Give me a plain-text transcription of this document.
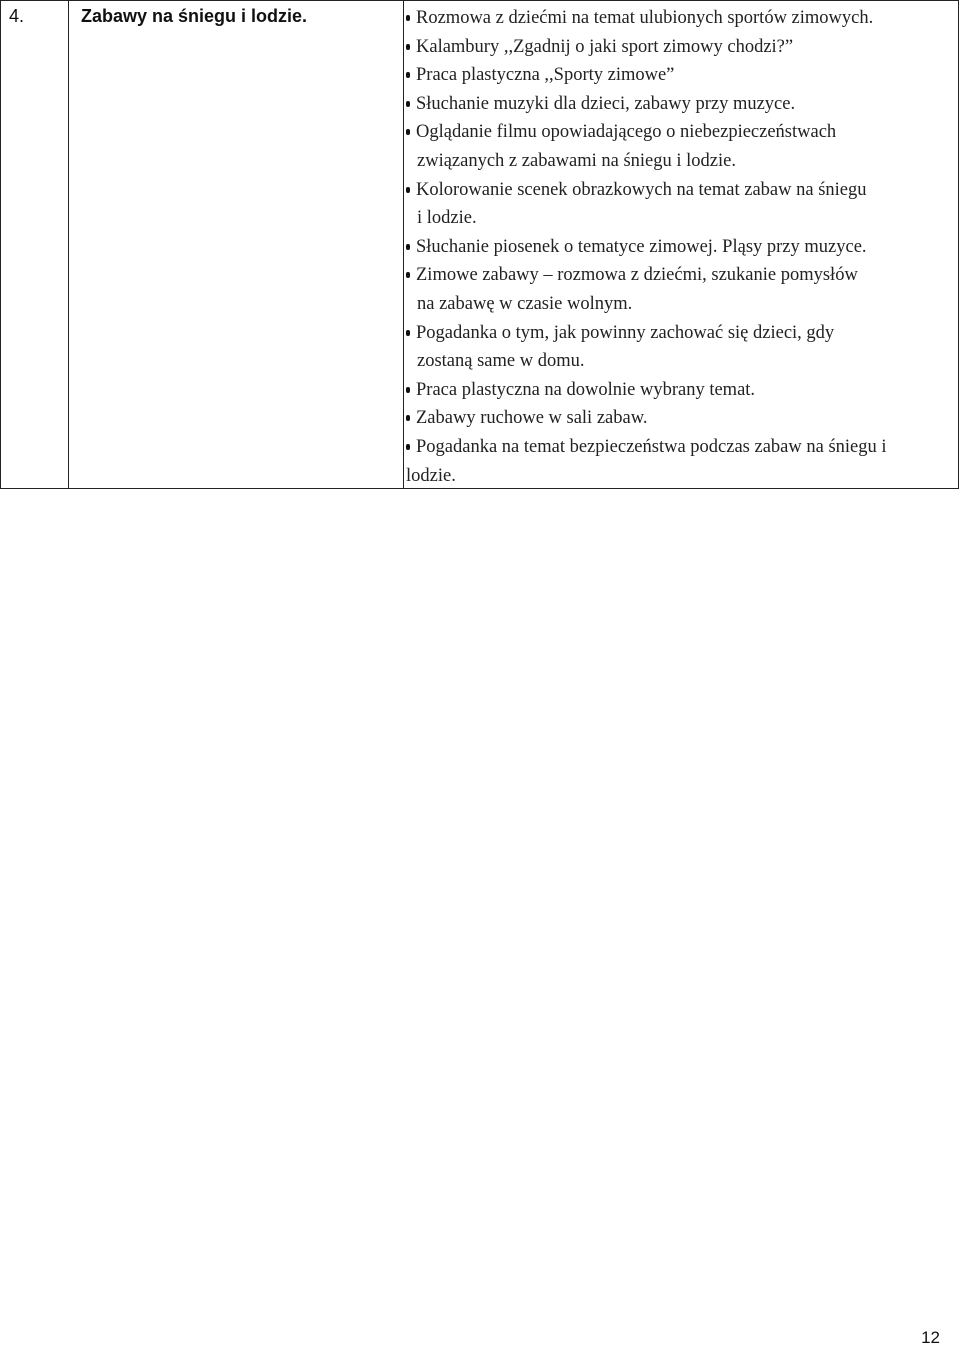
4.	Zabawy na śniegu i lodzie.	Rozmowa z dziećmi na temat ulubionych sportów zimowych.
Kalambury ,,Zgadnij o jaki sport zimowy chodzi?”
Praca plastyczna ,,Sporty zimowe”
Słuchanie muzyki dla dzieci, zabawy przy muzyce.
Oglądanie filmu opowiadającego o niebezpieczeństwach
związanych z zabawami na śniegu i lodzie.
Kolorowanie scenek obrazkowych na temat zabaw na śniegu
i lodzie.
Słuchanie piosenek o tematyce zimowej. Pląsy przy muzyce.
Zimowe zabawy – rozmowa z dziećmi, szukanie pomysłów
na zabawę w czasie wolnym.
Pogadanka o tym, jak powinny zachować się dzieci, gdy
zostaną same w domu.
Praca plastyczna na dowolnie wybrany temat.
Zabawy ruchowe w sali zabaw.
Pogadanka na temat bezpieczeństwa podczas zabaw na śniegu i
lodzie.
12
